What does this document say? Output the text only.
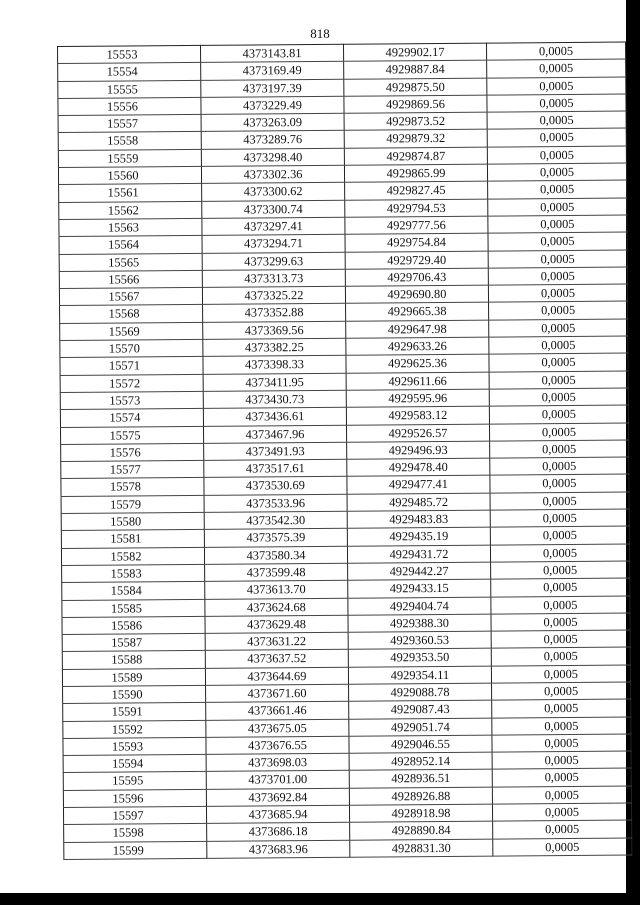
818
15553	4373143.81	4929902.17	0,0005
15554	4373169.49	4929887.84	0,0005
15555	4373197.39	4929875.50	0,0005
15556	4373229.49	4929869.56	0,0005
15557	4373263.09	4929873.52	0,0005
15558	4373289.76	4929879.32	0,0005
15559	4373298.40	4929874.87	0,0005
15560	4373302.36	4929865.99	0,0005
15561	4373300.62	4929827.45	0,0005
15562	4373300.74	4929794.53	0,0005
15563	4373297.41	4929777.56	0,0005
15564	4373294.71	4929754.84	0,0005
15565	4373299.63	4929729.40	0,0005
15566	4373313.73	4929706.43	0,0005
15567	4373325.22	4929690.80	0,0005
15568	4373352.88	4929665.38	0,0005
15569	4373369.56	4929647.98	0,0005
15570	4373382.25	4929633.26	0,0005
15571	4373398.33	4929625.36	0,0005
15572	4373411.95	4929611.66	0,0005
15573	4373430.73	4929595.96	0,0005
15574	4373436.61	4929583.12	0,0005
15575	4373467.96	4929526.57	0,0005
15576	4373491.93	4929496.93	0,0005
15577	4373517.61	4929478.40	0,0005
15578	4373530.69	4929477.41	0,0005
15579	4373533.96	4929485.72	0,0005
15580	4373542.30	4929483.83	0,0005
15581	4373575.39	4929435.19	0,0005
15582	4373580.34	4929431.72	0,0005
15583	4373599.48	4929442.27	0,0005
15584	4373613.70	4929433.15	0,0005
15585	4373624.68	4929404.74	0,0005
15586	4373629.48	4929388.30	0,0005
15587	4373631.22	4929360.53	0,0005
15588	4373637.52	4929353.50	0,0005
15589	4373644.69	4929354.11	0,0005
15590	4373671.60	4929088.78	0,0005
15591	4373661.46	4929087.43	0,0005
15592	4373675.05	4929051.74	0,0005
15593	4373676.55	4929046.55	0,0005
15594	4373698.03	4928952.14	0,0005
15595	4373701.00	4928936.51	0,0005
15596	4373692.84	4928926.88	0,0005
15597	4373685.94	4928918.98	0,0005
15598	4373686.18	4928890.84	0,0005
15599	4373683.96	4928831.30	0,0005
